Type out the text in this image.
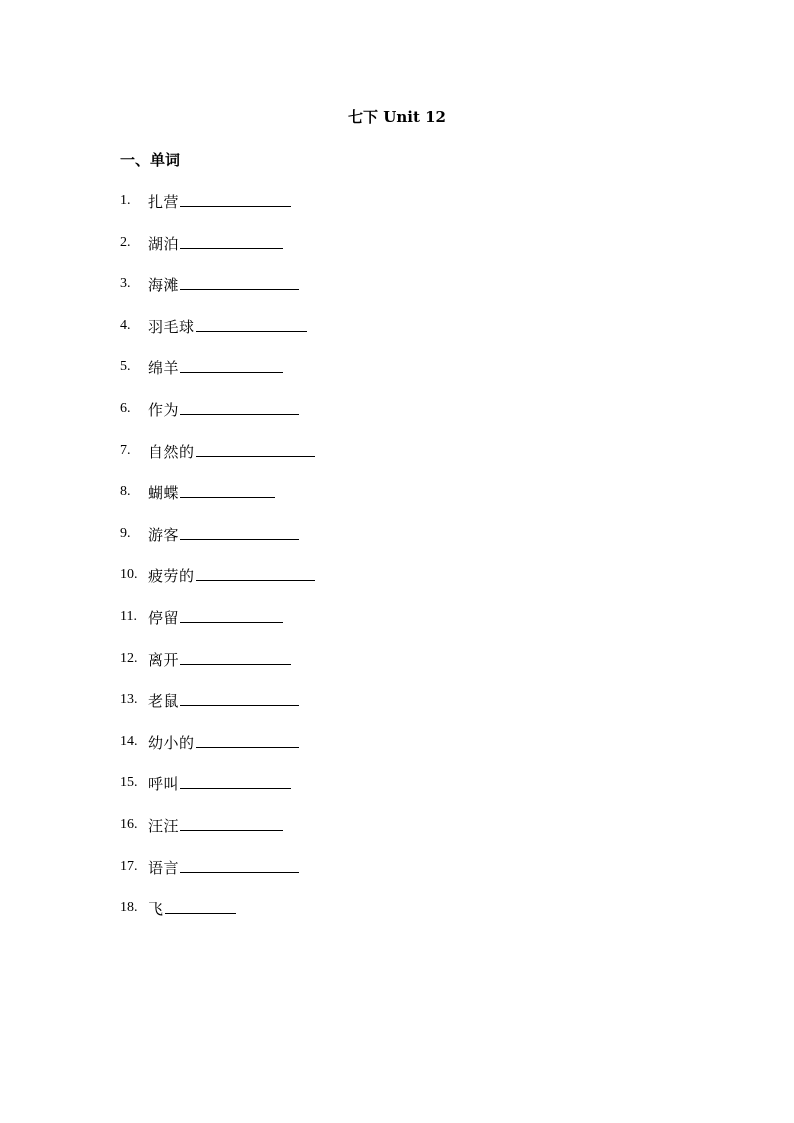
七下 Unit 12
一、单词
1. 扎营
2. 湖泊
3. 海滩
4. 羽毛球
5. 绵羊
6. 作为
7. 自然的
8. 蝴蝶
9. 游客
10. 疲劳的
11. 停留
12. 离开
13. 老鼠
14. 幼小的
15. 呼叫
16. 汪汪
17. 语言
18. 飞
